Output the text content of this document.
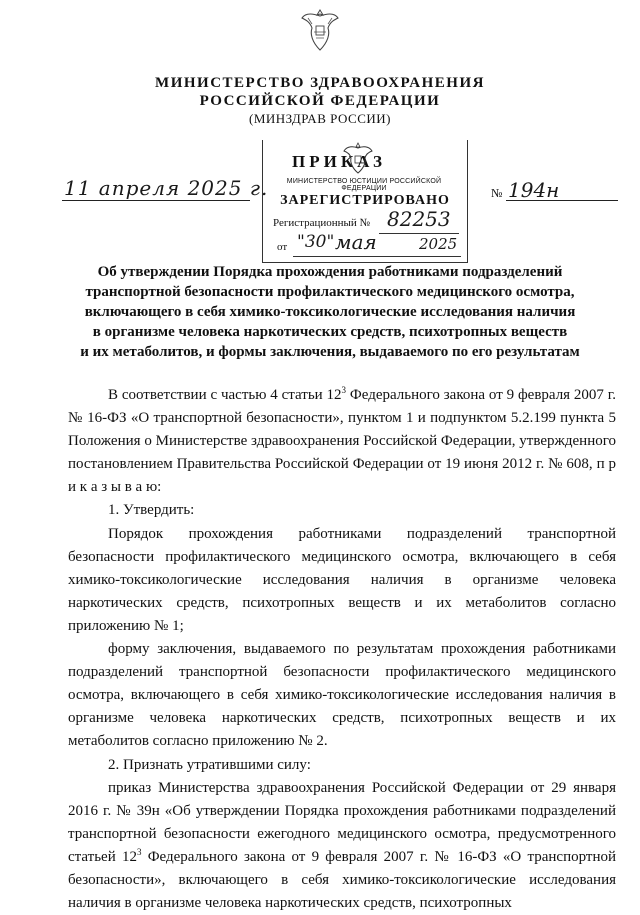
МИНИСТЕРСТВО ЗДРАВООХРАНЕНИЯ
РОССИЙСКОЙ ФЕДЕРАЦИИ
(МИНЗДРАВ РОССИИ)
ПРИКАЗ
11 апреля 2025 г.	№ 194н
МИНИСТЕРСТВО ЮСТИЦИИ РОССИЙСКОЙ ФЕДЕРАЦИИ
ЗАРЕГИСТРИРОВАНО
Регистрационный № 82253
от "30" мая	2025
Об утверждении Порядка прохождения работниками подразделений
транспортной безопасности профилактического медицинского осмотра,
включающего в себя химико-токсикологические исследования наличия
в организме человека наркотических средств, психотропных веществ
и их метаболитов, и формы заключения, выдаваемого по его результатам

В соответствии с частью 4 статьи $12^3$ Федерального закона от 9 февраля 2007 г. № 16-ФЗ «О транспортной безопасности», пунктом 1 и подпунктом 5.2.199 пункта 5 Положения о Министерстве здравоохранения Российской Федерации, утвержденного постановлением Правительства Российской Федерации от 19 июня 2012 г. № 608, п р и к а з ы в а ю:

1. Утвердить:

Порядок прохождения работниками подразделений транспортной безопасности профилактического медицинского осмотра, включающего в себя химико-токсикологические исследования наличия в организме человека наркотических средств, психотропных веществ и их метаболитов согласно приложению № 1;

форму заключения, выдаваемого по результатам прохождения работниками подразделений транспортной безопасности профилактического медицинского осмотра, включающего в себя химико-токсикологические исследования наличия в организме человека наркотических средств, психотропных веществ и их метаболитов согласно приложению № 2.

2. Признать утратившими силу:

приказ Министерства здравоохранения Российской Федерации от 29 января 2016 г. № 39н «Об утверждении Порядка прохождения работниками подразделений транспортной безопасности ежегодного медицинского осмотра, предусмотренного статьей $12^3$ Федерального закона от 9 февраля 2007 г. № 16-ФЗ «О транспортной безопасности», включающего в себя химико-токсикологические исследования наличия в организме человека наркотических средств, психотропных
